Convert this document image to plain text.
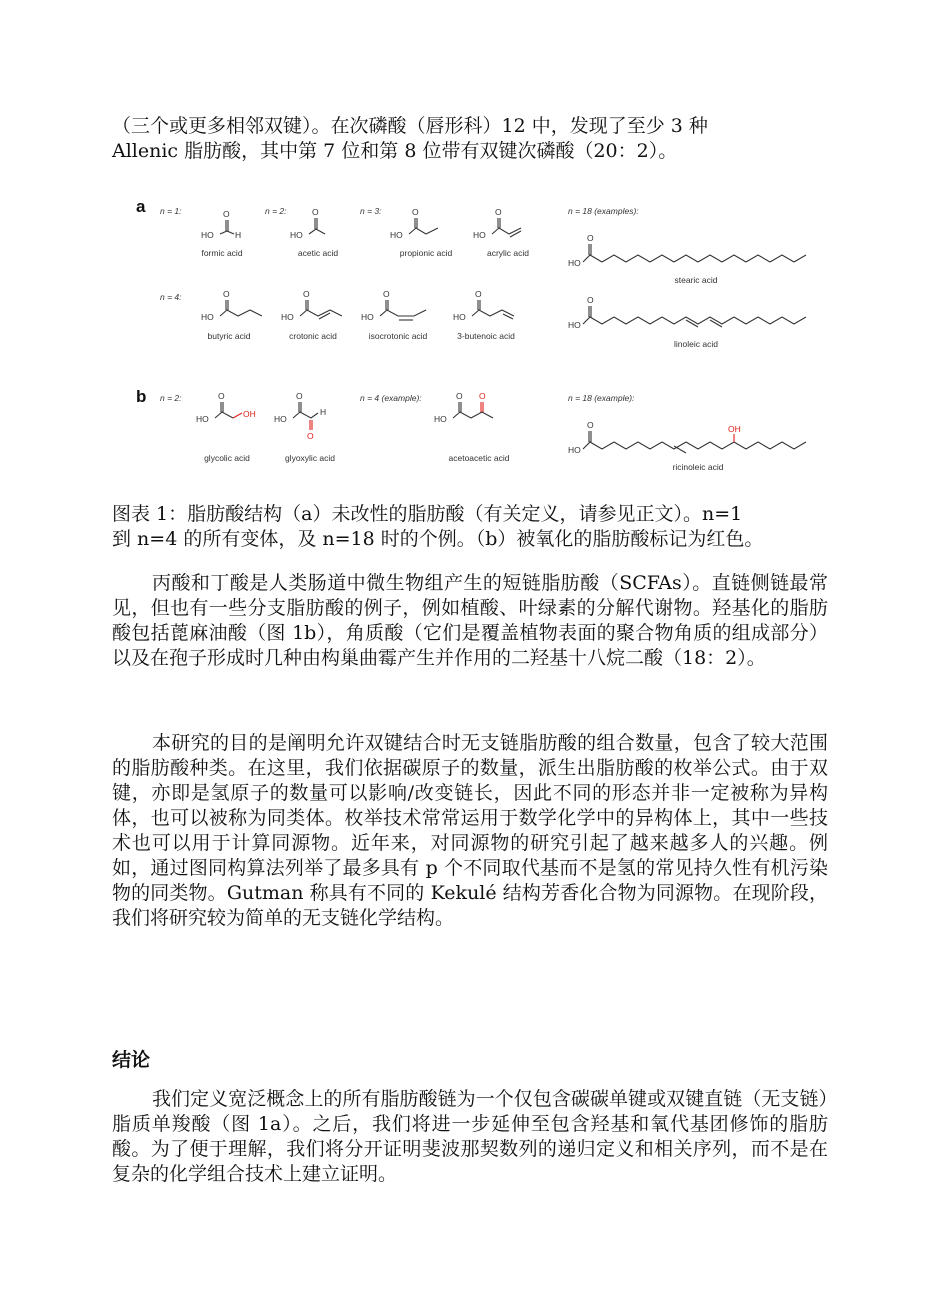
（三个或更多相邻双键）。在次磷酸（唇形科）12 中，发现了至少 3 种
Allenic 脂肪酸，其中第 7 位和第 8 位带有双键次磷酸（20：2）。

a
b
n = 1:	n = 2:	n = 3:	n = 18 (examples):
n = 4:
n = 2:	n = 4 (example):	n = 18 (example):
HO
O
H	HO
O
HO
O
HO
O
HO
O
HO
O
HO
O
HO
O
HO
O
HO
O
HO
O
HO
O
H
HO
O
HO
O
OH
O
O
OH
formic acid	acetic acid	propionic acid	acrylic acid
stearic acid
butyric acid	crotonic acid	isocrotonic acid	3-butenoic acid
linoleic acid
glycolic acid	glyoxylic acid	acetoacetic acid
ricinoleic acid

图表 1：脂肪酸结构（a）未改性的脂肪酸（有关定义，请参见正文）。n=1
到 n=4 的所有变体，及 n=18 时的个例。（b）被氧化的脂肪酸标记为红色。

丙酸和丁酸是人类肠道中微生物组产生的短链脂肪酸（SCFAs）。直链侧链最常见，但也有一些分支脂肪酸的例子，例如植酸、叶绿素的分解代谢物。羟基化的脂肪酸包括蓖麻油酸（图 1b），角质酸（它们是覆盖植物表面的聚合物角质的组成部分）以及在孢子形成时几种由构巢曲霉产生并作用的二羟基十八烷二酸（18：2）。

本研究的目的是阐明允许双键结合时无支链脂肪酸的组合数量，包含了较大范围的脂肪酸种类。在这里，我们依据碳原子的数量，派生出脂肪酸的枚举公式。由于双键，亦即是氢原子的数量可以影响/改变链长，因此不同的形态并非一定被称为异构体，也可以被称为同类体。枚举技术常常运用于数学化学中的异构体上，其中一些技术也可以用于计算同源物。近年来，对同源物的研究引起了越来越多人的兴趣。例如，通过图同构算法列举了最多具有 p 个不同取代基而不是氢的常见持久性有机污染物的同类物。Gutman 称具有不同的 Kekulé 结构芳香化合物为同源物。在现阶段，我们将研究较为简单的无支链化学结构。

结论

我们定义宽泛概念上的所有脂肪酸链为一个仅包含碳碳单键或双键直链（无支链）脂质单羧酸（图 1a）。之后，我们将进一步延伸至包含羟基和氧代基团修饰的脂肪酸。为了便于理解，我们将分开证明斐波那契数列的递归定义和相关序列，而不是在复杂的化学组合技术上建立证明。
